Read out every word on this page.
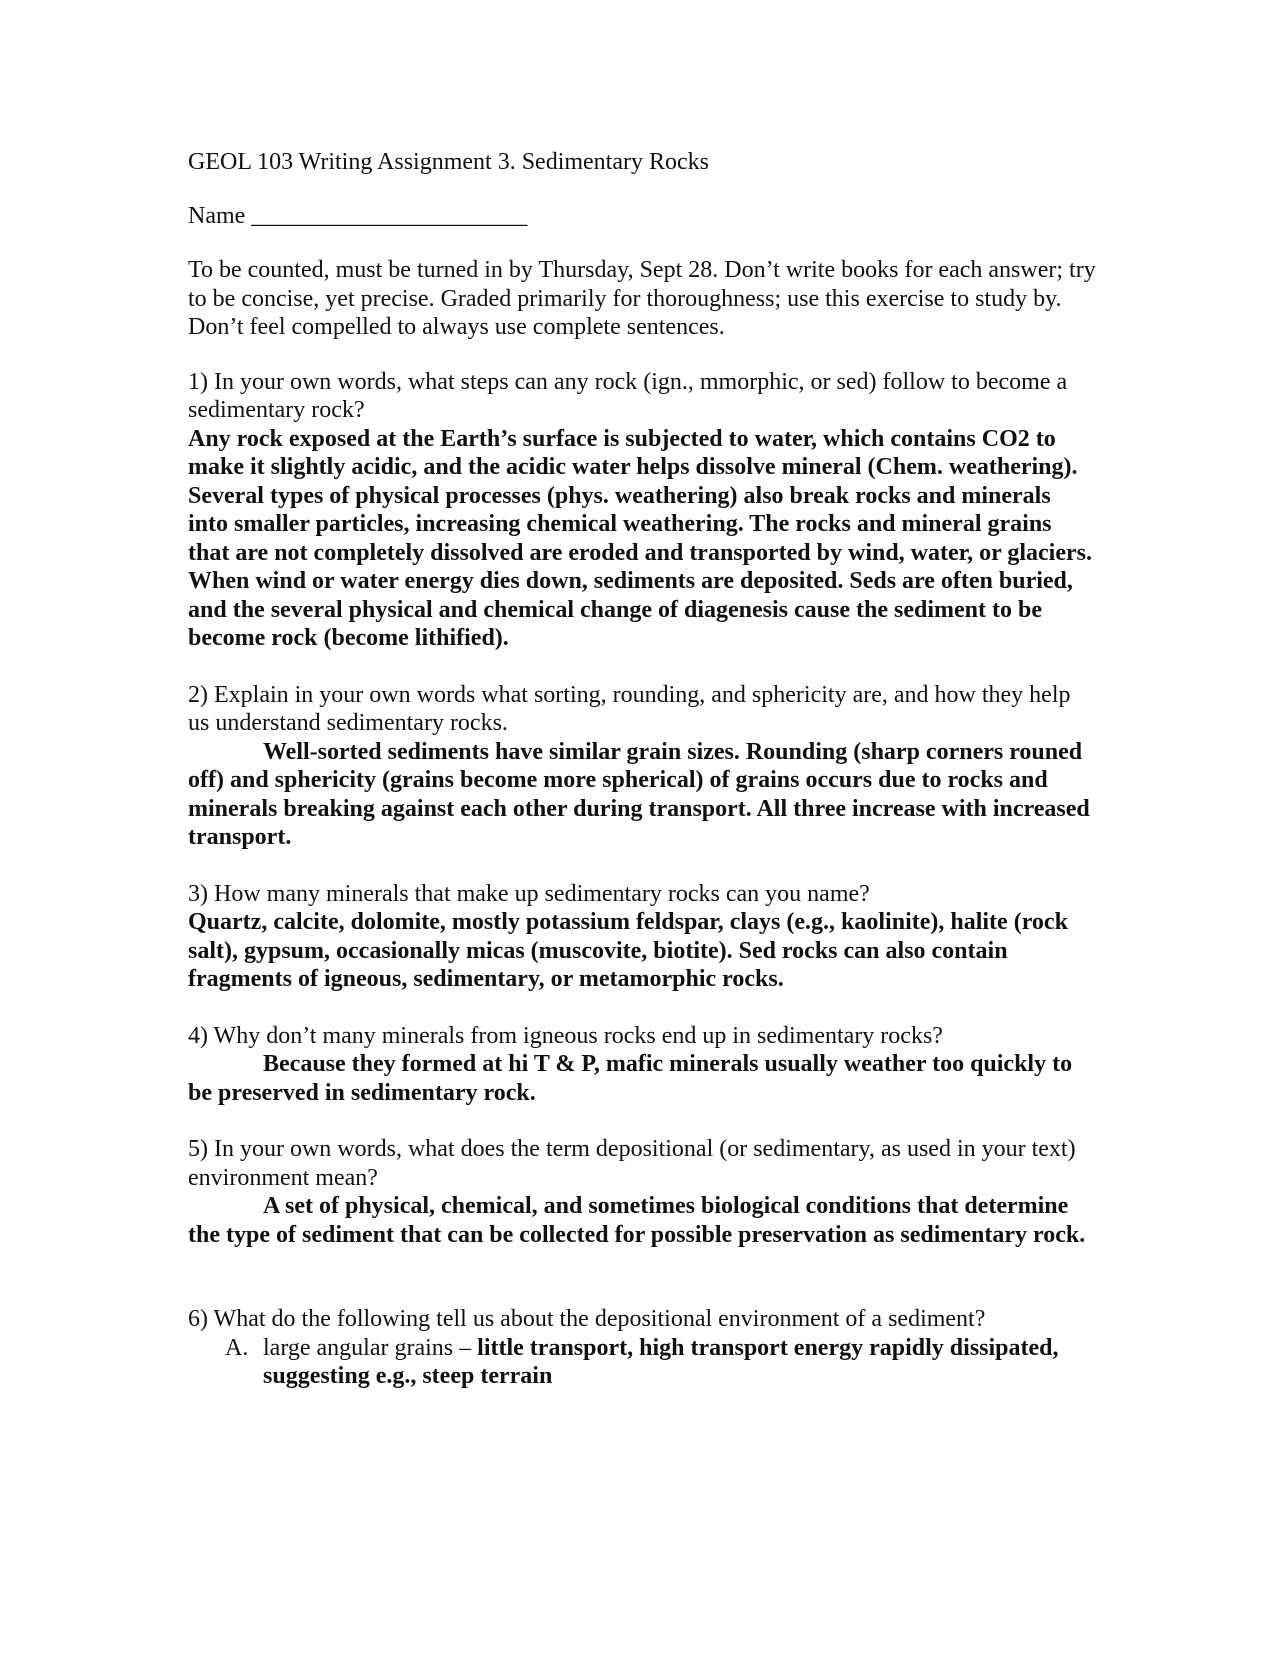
GEOL 103 Writing Assignment 3. Sedimentary Rocks

Name _______________________

To be counted, must be turned in by Thursday, Sept 28. Don’t write books for each answer; try to be concise, yet precise. Graded primarily for thoroughness; use this exercise to study by. Don’t feel compelled to always use complete sentences.

1) In your own words, what steps can any rock (ign., mmorphic, or sed) follow to become a sedimentary rock?

Any rock exposed at the Earth’s surface is subjected to water, which contains CO2 to make it slightly acidic, and the acidic water helps dissolve mineral (Chem. weathering). Several types of physical processes (phys. weathering) also break rocks and minerals into smaller particles, increasing chemical weathering. The rocks and mineral grains that are not completely dissolved are eroded and transported by wind, water, or glaciers. When wind or water energy dies down, sediments are deposited. Seds are often buried, and the several physical and chemical change of diagenesis cause the sediment to be become rock (become lithified).

2) Explain in your own words what sorting, rounding, and sphericity are, and how they help us understand sedimentary rocks.

Well-sorted sediments have similar grain sizes. Rounding (sharp corners rouned off) and sphericity (grains become more spherical) of grains occurs due to rocks and minerals breaking against each other during transport. All three increase with increased transport.

3) How many minerals that make up sedimentary rocks can you name?

Quartz, calcite, dolomite, mostly potassium feldspar, clays (e.g., kaolinite), halite (rock salt), gypsum, occasionally micas (muscovite, biotite). Sed rocks can also contain fragments of igneous, sedimentary, or metamorphic rocks.

4) Why don’t many minerals from igneous rocks end up in sedimentary rocks?

Because they formed at hi T & P, mafic minerals usually weather too quickly to be preserved in sedimentary rock.

5) In your own words, what does the term depositional (or sedimentary, as used in your text) environment mean?

A set of physical, chemical, and sometimes biological conditions that determine the type of sediment that can be collected for possible preservation as sedimentary rock.

6) What do the following tell us about the depositional environment of a sediment?

A. large angular grains – little transport, high transport energy rapidly dissipated, suggesting e.g., steep terrain
